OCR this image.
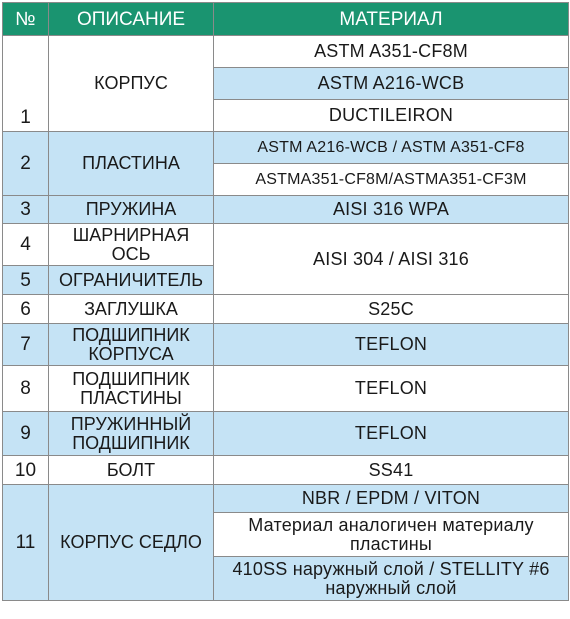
№	ОПИСАНИЕ	МАТЕРИАЛ
1	КОРПУС	ASTM A351-CF8M
		ASTM A216-WCB
		DUCTILEIRON
2	ПЛАСТИНА	ASTM A216-WCB / ASTM A351-CF8
		ASTMA351-CF8M/ASTMA351-CF3M
3	ПРУЖИНА	AISI 316 WPA
4	ШАРНИРНАЯ ОСЬ	AISI 304 / AISI 316
5	ОГРАНИЧИТЕЛЬ	
6	ЗАГЛУШКА	S25C
7	ПОДШИПНИК КОРПУСА	TEFLON
8	ПОДШИПНИК ПЛАСТИНЫ	TEFLON
9	ПРУЖИННЫЙ ПОДШИПНИК	TEFLON
10	БОЛТ	SS41
11	КОРПУС СЕДЛО	NBR / EPDM / VITON
		Материал аналогичен материалу пластины
		410SS наружный слой / STELLITY #6 наружный слой
